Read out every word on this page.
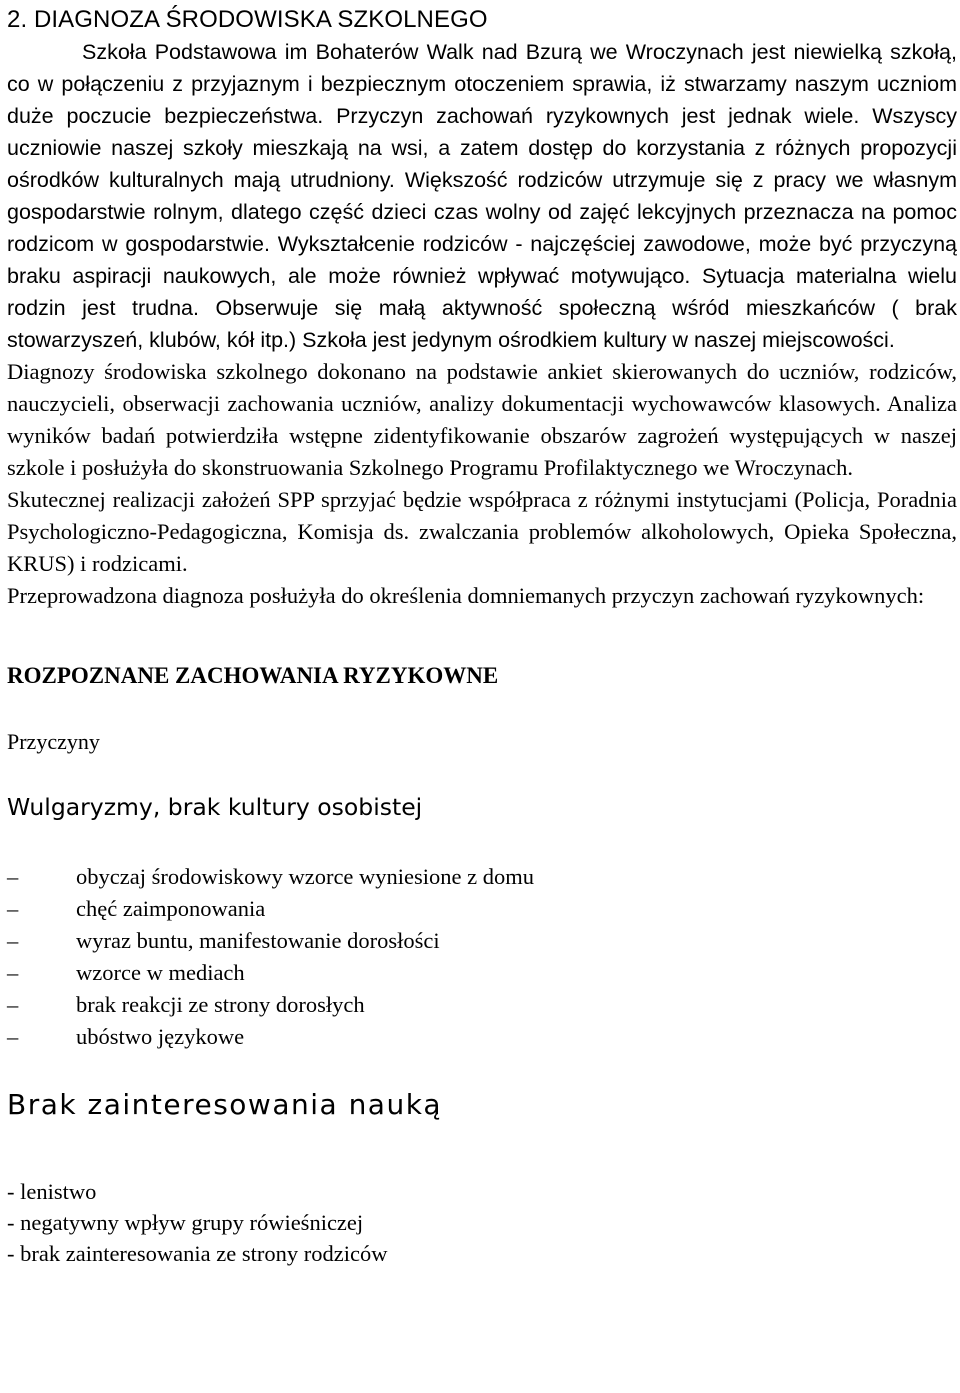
2. DIAGNOZA ŚRODOWISKA SZKOLNEGO

Szkoła Podstawowa im Bohaterów Walk nad Bzurą we Wroczynach jest niewielką szkołą, co w połączeniu z przyjaznym i bezpiecznym otoczeniem sprawia, iż stwarzamy naszym uczniom duże poczucie bezpieczeństwa. Przyczyn zachowań ryzykownych jest jednak wiele. Wszyscy uczniowie naszej szkoły mieszkają na wsi, a zatem dostęp do korzystania z różnych propozycji ośrodków kulturalnych mają utrudniony. Większość rodziców utrzymuje się z pracy we własnym gospodarstwie rolnym, dlatego część dzieci czas wolny od zajęć lekcyjnych przeznacza na pomoc rodzicom w gospodarstwie. Wykształcenie rodziców - najczęściej zawodowe, może być przyczyną braku aspiracji naukowych, ale może również wpływać motywująco. Sytuacja materialna wielu rodzin jest trudna. Obserwuje się małą aktywność społeczną wśród mieszkańców ( brak stowarzyszeń, klubów, kół itp.) Szkoła jest jedynym ośrodkiem kultury w naszej miejscowości.

Diagnozy środowiska szkolnego dokonano na podstawie ankiet skierowanych do uczniów, rodziców, nauczycieli, obserwacji zachowania uczniów, analizy dokumentacji wychowawców klasowych. Analiza wyników badań potwierdziła wstępne zidentyfikowanie obszarów zagrożeń występujących w naszej szkole i posłużyła do skonstruowania Szkolnego Programu Profilaktycznego we Wroczynach.

Skutecznej realizacji założeń SPP sprzyjać będzie współpraca z różnymi instytucjami (Policja, Poradnia Psychologiczno-Pedagogiczna, Komisja ds. zwalczania problemów alkoholowych, Opieka Społeczna, KRUS) i rodzicami.

Przeprowadzona diagnoza posłużyła do określenia domniemanych przyczyn zachowań ryzykownych:

ROZPOZNANE ZACHOWANIA RYZYKOWNE
Przyczyny
Wulgaryzmy, brak kultury osobistej
–	obyczaj środowiskowy wzorce wyniesione z domu
–	chęć zaimponowania
–	wyraz buntu, manifestowanie dorosłości
–	wzorce w mediach
–	brak reakcji ze strony dorosłych
–	ubóstwo językowe
Brak zainteresowania nauką
- lenistwo
- negatywny wpływ grupy rówieśniczej
- brak zainteresowania ze strony rodziców
